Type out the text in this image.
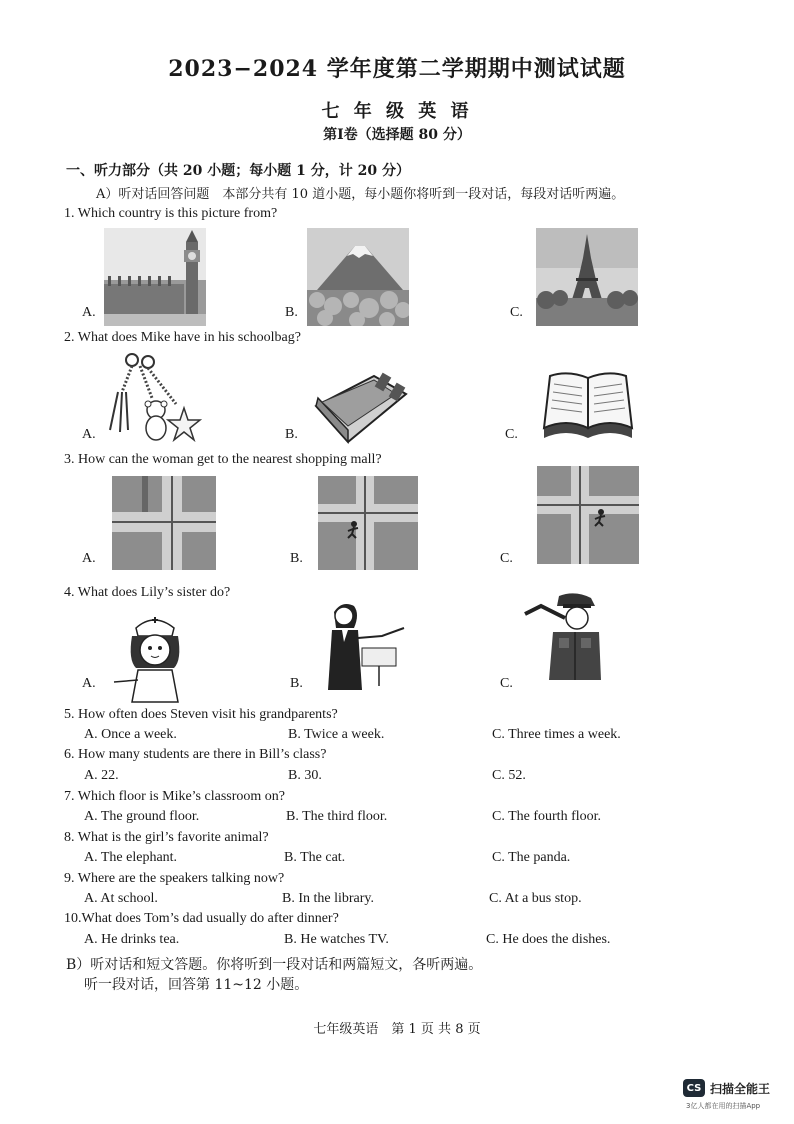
2023−2024 学年度第二学期期中测试试题
七 年 级 英 语
第Ⅰ卷（选择题 80 分）
一、听力部分（共 20 小题；每小题 1 分，计 20 分）
A）听对话回答问题　本部分共有 10 道小题，每小题你将听到一段对话，每段对话听两遍。
1. Which country is this picture from?
A.	B.	C.
2. What does Mike have in his schoolbag?
A.	B.	C.
3. How can the woman get to the nearest shopping mall?
A.	B.	C.
4. What does Lily’s sister do?
A.	B.	C.
5. How often does Steven visit his grandparents?
A. Once a week.	B. Twice a week.	C. Three times a week.
6. How many students are there in Bill’s class?
A. 22.	B. 30.	C. 52.
7. Which floor is Mike’s classroom on?
A. The ground floor.	B. The third floor.	C. The fourth floor.
8. What is the girl’s favorite animal?
A. The elephant.	B. The cat.	C. The panda.
9. Where are the speakers talking now?
A. At school.	B. In the library.	C. At a bus stop.
10.What does Tom’s dad usually do after dinner?
A. He drinks tea.	B. He watches TV.	C. He does the dishes.
B）听对话和短文答题。你将听到一段对话和两篇短文，各听两遍。
听一段对话，回答第 11~12 小题。
七年级英语　第 1 页 共 8 页
CS 扫描全能王
3亿人都在用的扫描App
